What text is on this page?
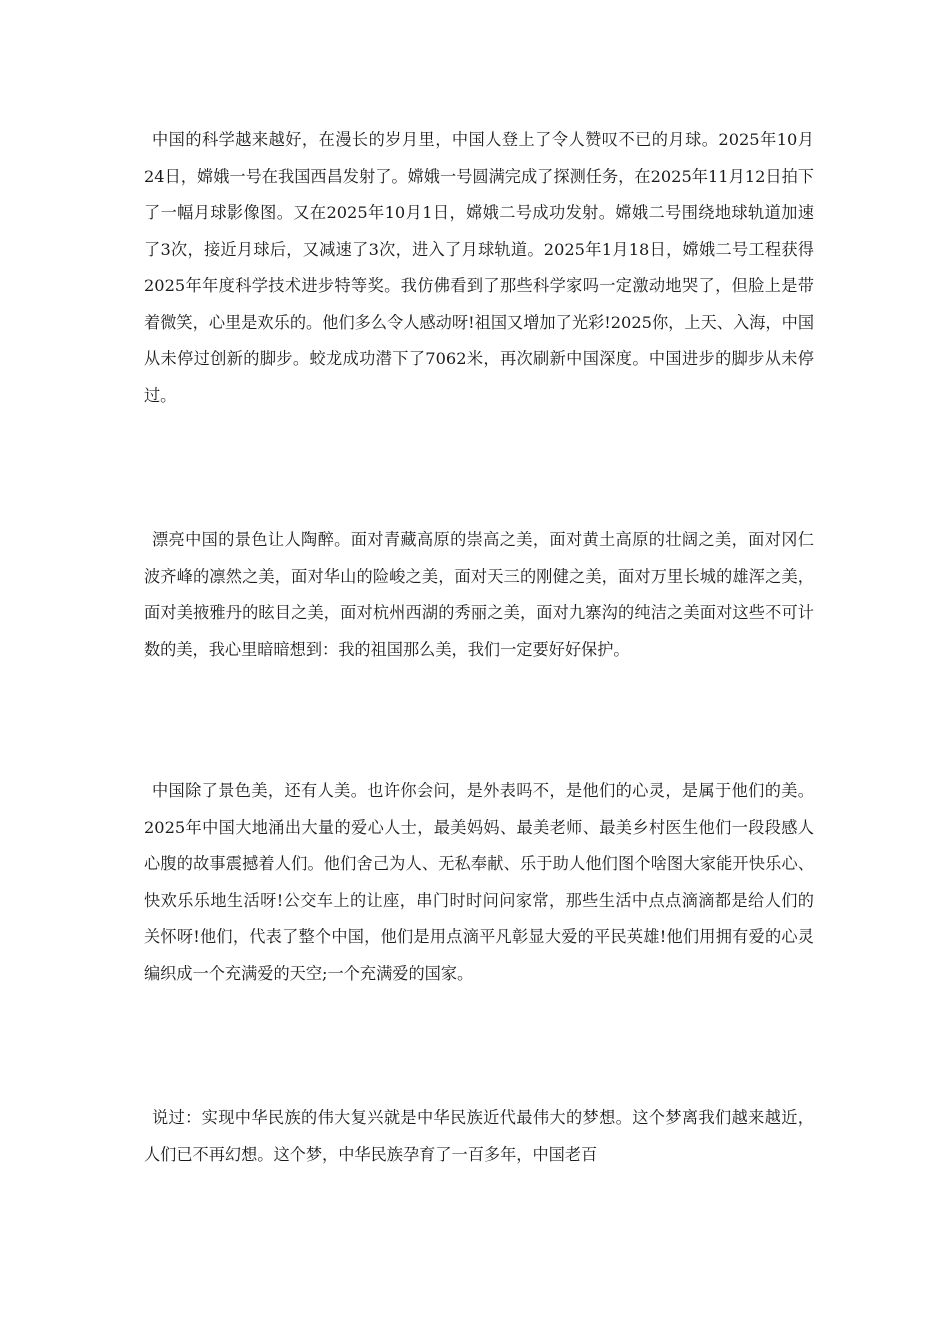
中国的科学越来越好，在漫长的岁月里，中国人登上了令人赞叹不已的月球。2025年10月24日，嫦娥一号在我国西昌发射了。嫦娥一号圆满完成了探测任务，在2025年11月12日拍下了一幅月球影像图。又在2025年10月1日，嫦娥二号成功发射。嫦娥二号围绕地球轨道加速了3次，接近月球后，又减速了3次，进入了月球轨道。2025年1月18日，嫦娥二号工程获得2025年年度科学技术进步特等奖。我仿佛看到了那些科学家吗一定激动地哭了，但脸上是带着微笑，心里是欢乐的。他们多么令人感动呀!祖国又增加了光彩!2025你，上天、入海，中国从未停过创新的脚步。蛟龙成功潜下了7062米，再次刷新中国深度。中国进步的脚步从未停过。

漂亮中国的景色让人陶醉。面对青藏高原的崇高之美，面对黄土高原的壮阔之美，面对冈仁波齐峰的凛然之美，面对华山的险峻之美，面对天三的刚健之美，面对万里长城的雄浑之美，面对美掖雅丹的眩目之美，面对杭州西湖的秀丽之美，面对九寨沟的纯洁之美面对这些不可计数的美，我心里暗暗想到：我的祖国那么美，我们一定要好好保护。

中国除了景色美，还有人美。也许你会问，是外表吗不，是他们的心灵，是属于他们的美。2025年中国大地涌出大量的爱心人士，最美妈妈、最美老师、最美乡村医生他们一段段感人心腹的故事震撼着人们。他们舍己为人、无私奉献、乐于助人他们图个啥图大家能开快乐心、快欢乐乐地生活呀!公交车上的让座，串门时时问问家常，那些生活中点点滴滴都是给人们的关怀呀!他们，代表了整个中国，他们是用点滴平凡彰显大爱的平民英雄!他们用拥有爱的心灵编织成一个充满爱的天空;一个充满爱的国家。

说过：实现中华民族的伟大复兴就是中华民族近代最伟大的梦想。这个梦离我们越来越近，人们已不再幻想。这个梦，中华民族孕育了一百多年，中国老百
